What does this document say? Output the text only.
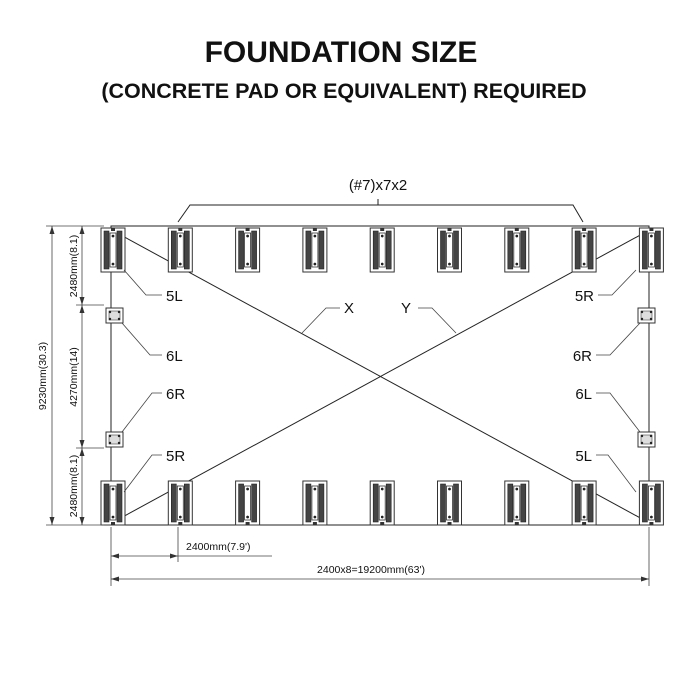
FOUNDATION SIZE
(CONCRETE PAD OR EQUIVALENT) REQUIRED
(#7)x7x2
5L
6L
6R
5R
5R
6R
6L
5L
X	Y
9230mm(30.3)
2480mm(8.1)
4270mm(14)
2480mm(8.1)
2400mm(7.9')
2400x8=19200mm(63')
